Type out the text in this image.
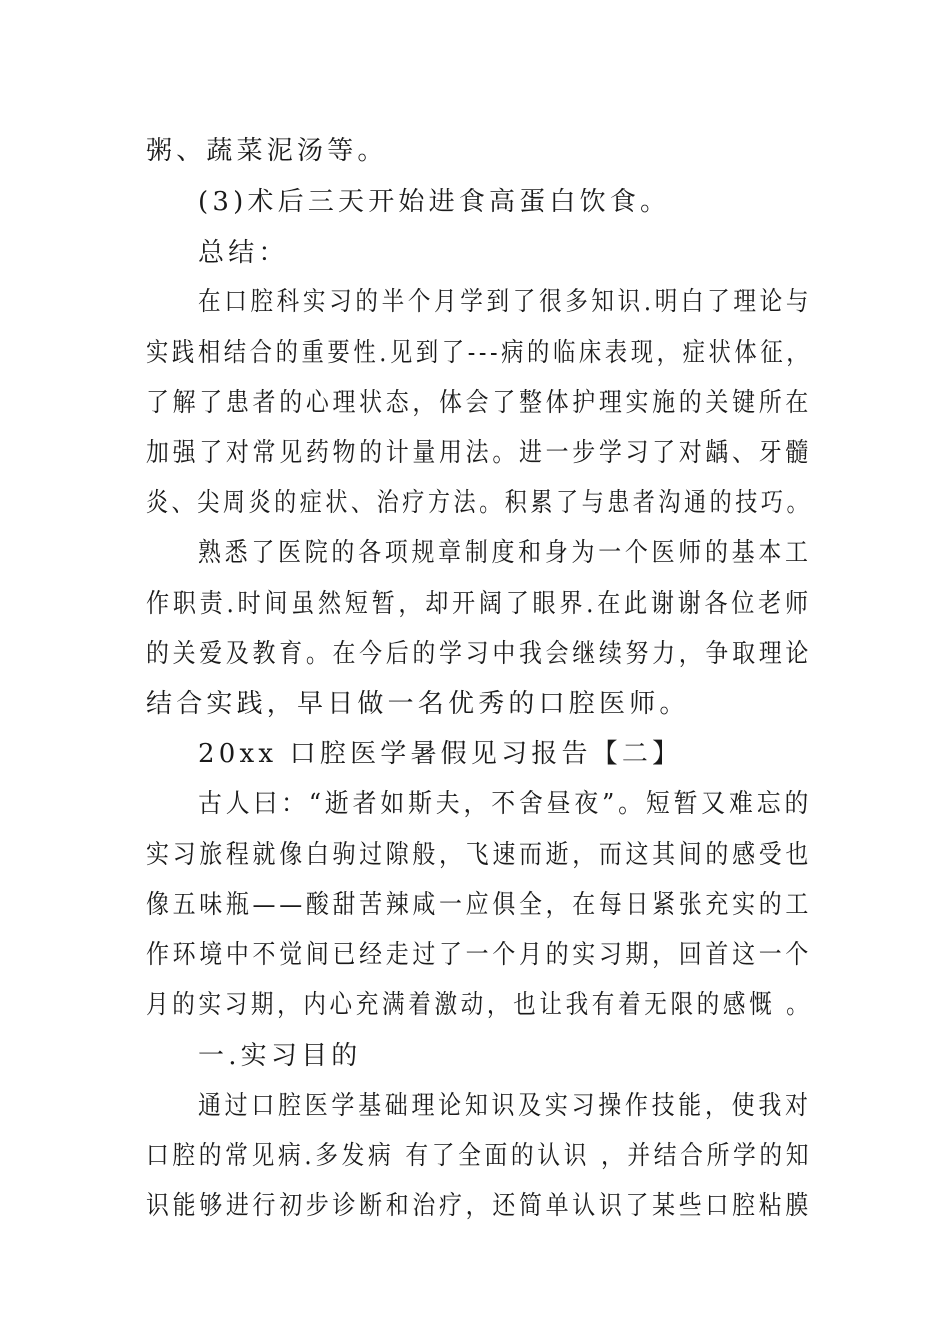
粥、蔬菜泥汤等。
(3)术后三天开始进食高蛋白饮食。
总结：
在口腔科实习的半个月学到了很多知识.明白了理论与
实践相结合的重要性.见到了---病的临床表现，症状体征，
了解了患者的心理状态，体会了整体护理实施的关键所在
加强了对常见药物的计量用法。进一步学习了对龋、牙髓
炎、尖周炎的症状、治疗方法。积累了与患者沟通的技巧。
熟悉了医院的各项规章制度和身为一个医师的基本工
作职责.时间虽然短暂，却开阔了眼界.在此谢谢各位老师
的关爱及教育。在今后的学习中我会继续努力，争取理论
结合实践，早日做一名优秀的口腔医师。
20xx 口腔医学暑假见习报告【二】
古人曰：“逝者如斯夫，不舍昼夜”。短暂又难忘的
实习旅程就像白驹过隙般，飞速而逝，而这其间的感受也
像五味瓶——酸甜苦辣咸一应俱全，在每日紧张充实的工
作环境中不觉间已经走过了一个月的实习期，回首这一个
月的实习期，内心充满着激动，也让我有着无限的感慨 。
一.实习目的
通过口腔医学基础理论知识及实习操作技能，使我对
口腔的常见病.多发病 有了全面的认识 ，并结合所学的知
识能够进行初步诊断和治疗，还简单认识了某些口腔粘膜
